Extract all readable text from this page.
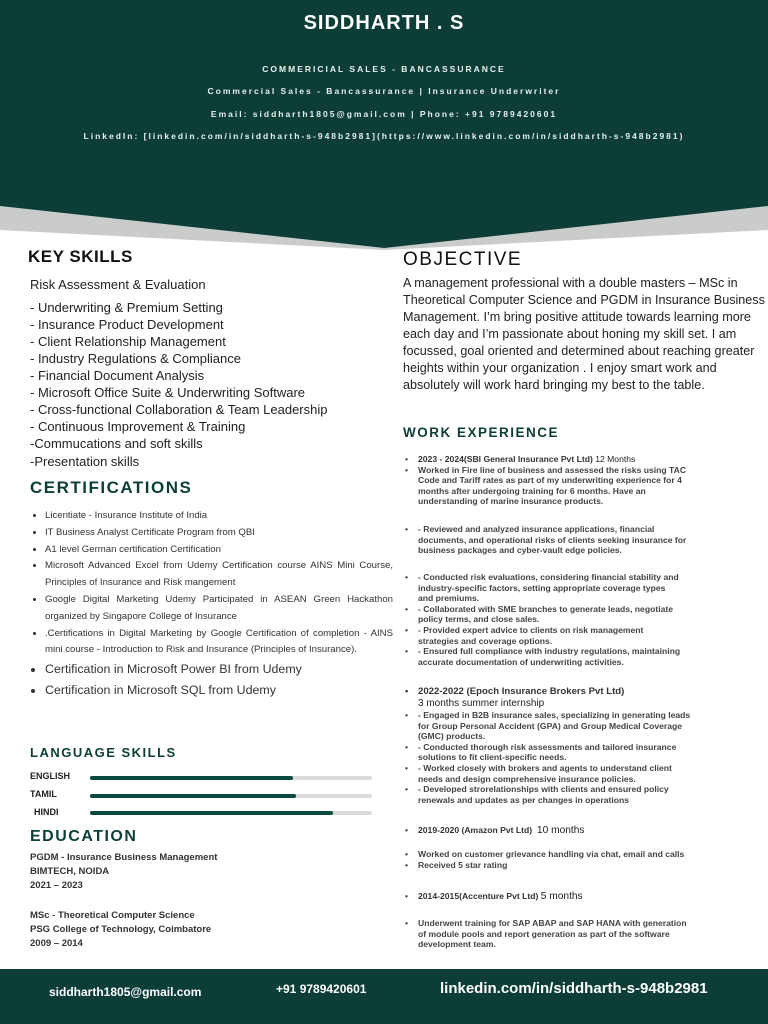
SIDDHARTH . S
COMMERICIAL SALES - BANCASSURANCE
Commercial Sales - Bancassurance | Insurance Underwriter
Email: siddharth1805@gmail.com | Phone: +91 9789420601
LinkedIn: [linkedin.com/in/siddharth-s-948b2981](https://www.linkedin.com/in/siddharth-s-948b2981)
KEY SKILLS
Risk Assessment & Evaluation
- Underwriting & Premium Setting
- Insurance Product Development
- Client Relationship Management
- Industry Regulations & Compliance
- Financial Document Analysis
- Microsoft Office Suite & Underwriting Software
- Cross-functional Collaboration & Team Leadership
- Continuous Improvement & Training
-Commucations and soft skills
-Presentation skills
CERTIFICATIONS
• Licentiate - Insurance Institute of India
• IT Business Analyst Certificate Program from QBI
• A1 level German certification Certification
• Microsoft Advanced Excel from Udemy Certification course AINS Mini Course, Principles of Insurance and Risk mangement
• Google Digital Marketing Udemy Participated in ASEAN Green Hackathon organized by Singapore College of Insurance
• .Certifications in Digital Marketing by Google Certification of completion - AINS mini course - Introduction to Risk and Insurance (Principles of Insurance).
• Certification in Microsoft Power BI from Udemy
• Certification in Microsoft SQL from Udemy
LANGUAGE SKILLS
ENGLISH
TAMIL
HINDI
EDUCATION
PGDM - Insurance Business Management
BIMTECH, NOIDA
2021 – 2023
MSc - Theoretical Computer Science
PSG College of Technology, Coimbatore
2009 – 2014
OBJECTIVE
A management professional with a double masters – MSc in Theoretical Computer Science and PGDM in Insurance Business Management. I’m bring positive attitude towards learning more each day and I’m passionate about honing my skill set. I am focussed, goal oriented and determined about reaching greater heights within your organization . I enjoy smart work and absolutely will work hard bringing my best to the table.
WORK EXPERIENCE
• 2023 - 2024(SBI General Insurance Pvt Ltd) 12 Months
• Worked in Fire line of business and assessed the risks using TAC
Code and Tariff rates as part of my underwriting experience for 4
months after undergoing training for 6 months. Have an
understanding of marine insurance products.
• - Reviewed and analyzed insurance applications, financial
documents, and operational risks of clients seeking insurance for
business packages and cyber-vault edge policies.
• - Conducted risk evaluations, considering financial stability and
industry-specific factors, setting appropriate coverage types
and premiums.
• - Collaborated with SME branches to generate leads, negotiate
policy terms, and close sales.
• - Provided expert advice to clients on risk management
strategies and coverage options.
• - Ensured full compliance with industry regulations, maintaining
accurate documentation of underwriting activities.
• 2022-2022 (Epoch Insurance Brokers Pvt Ltd)
3 months summer internship
• - Engaged in B2B insurance sales, specializing in generating leads
for Group Personal Accident (GPA) and Group Medical Coverage
(GMC) products.
• - Conducted thorough risk assessments and tailored insurance
solutions to fit client-specific needs.
• - Worked closely with brokers and agents to understand client
needs and design comprehensive insurance policies.
• - Developed strorelationships with clients and ensured policy
renewals and updates as per changes in operations
• 2019-2020 (Amazon Pvt Ltd) 10 months
• Worked on customer grievance handling via chat, email and calls
• Received 5 star rating
• 2014-2015(Accenture Pvt Ltd) 5 months
• Underwent training for SAP ABAP and SAP HANA with generation
of module pools and report generation as part of the software
development team.
siddharth1805@gmail.com	+91 9789420601	linkedin.com/in/siddharth-s-948b2981
